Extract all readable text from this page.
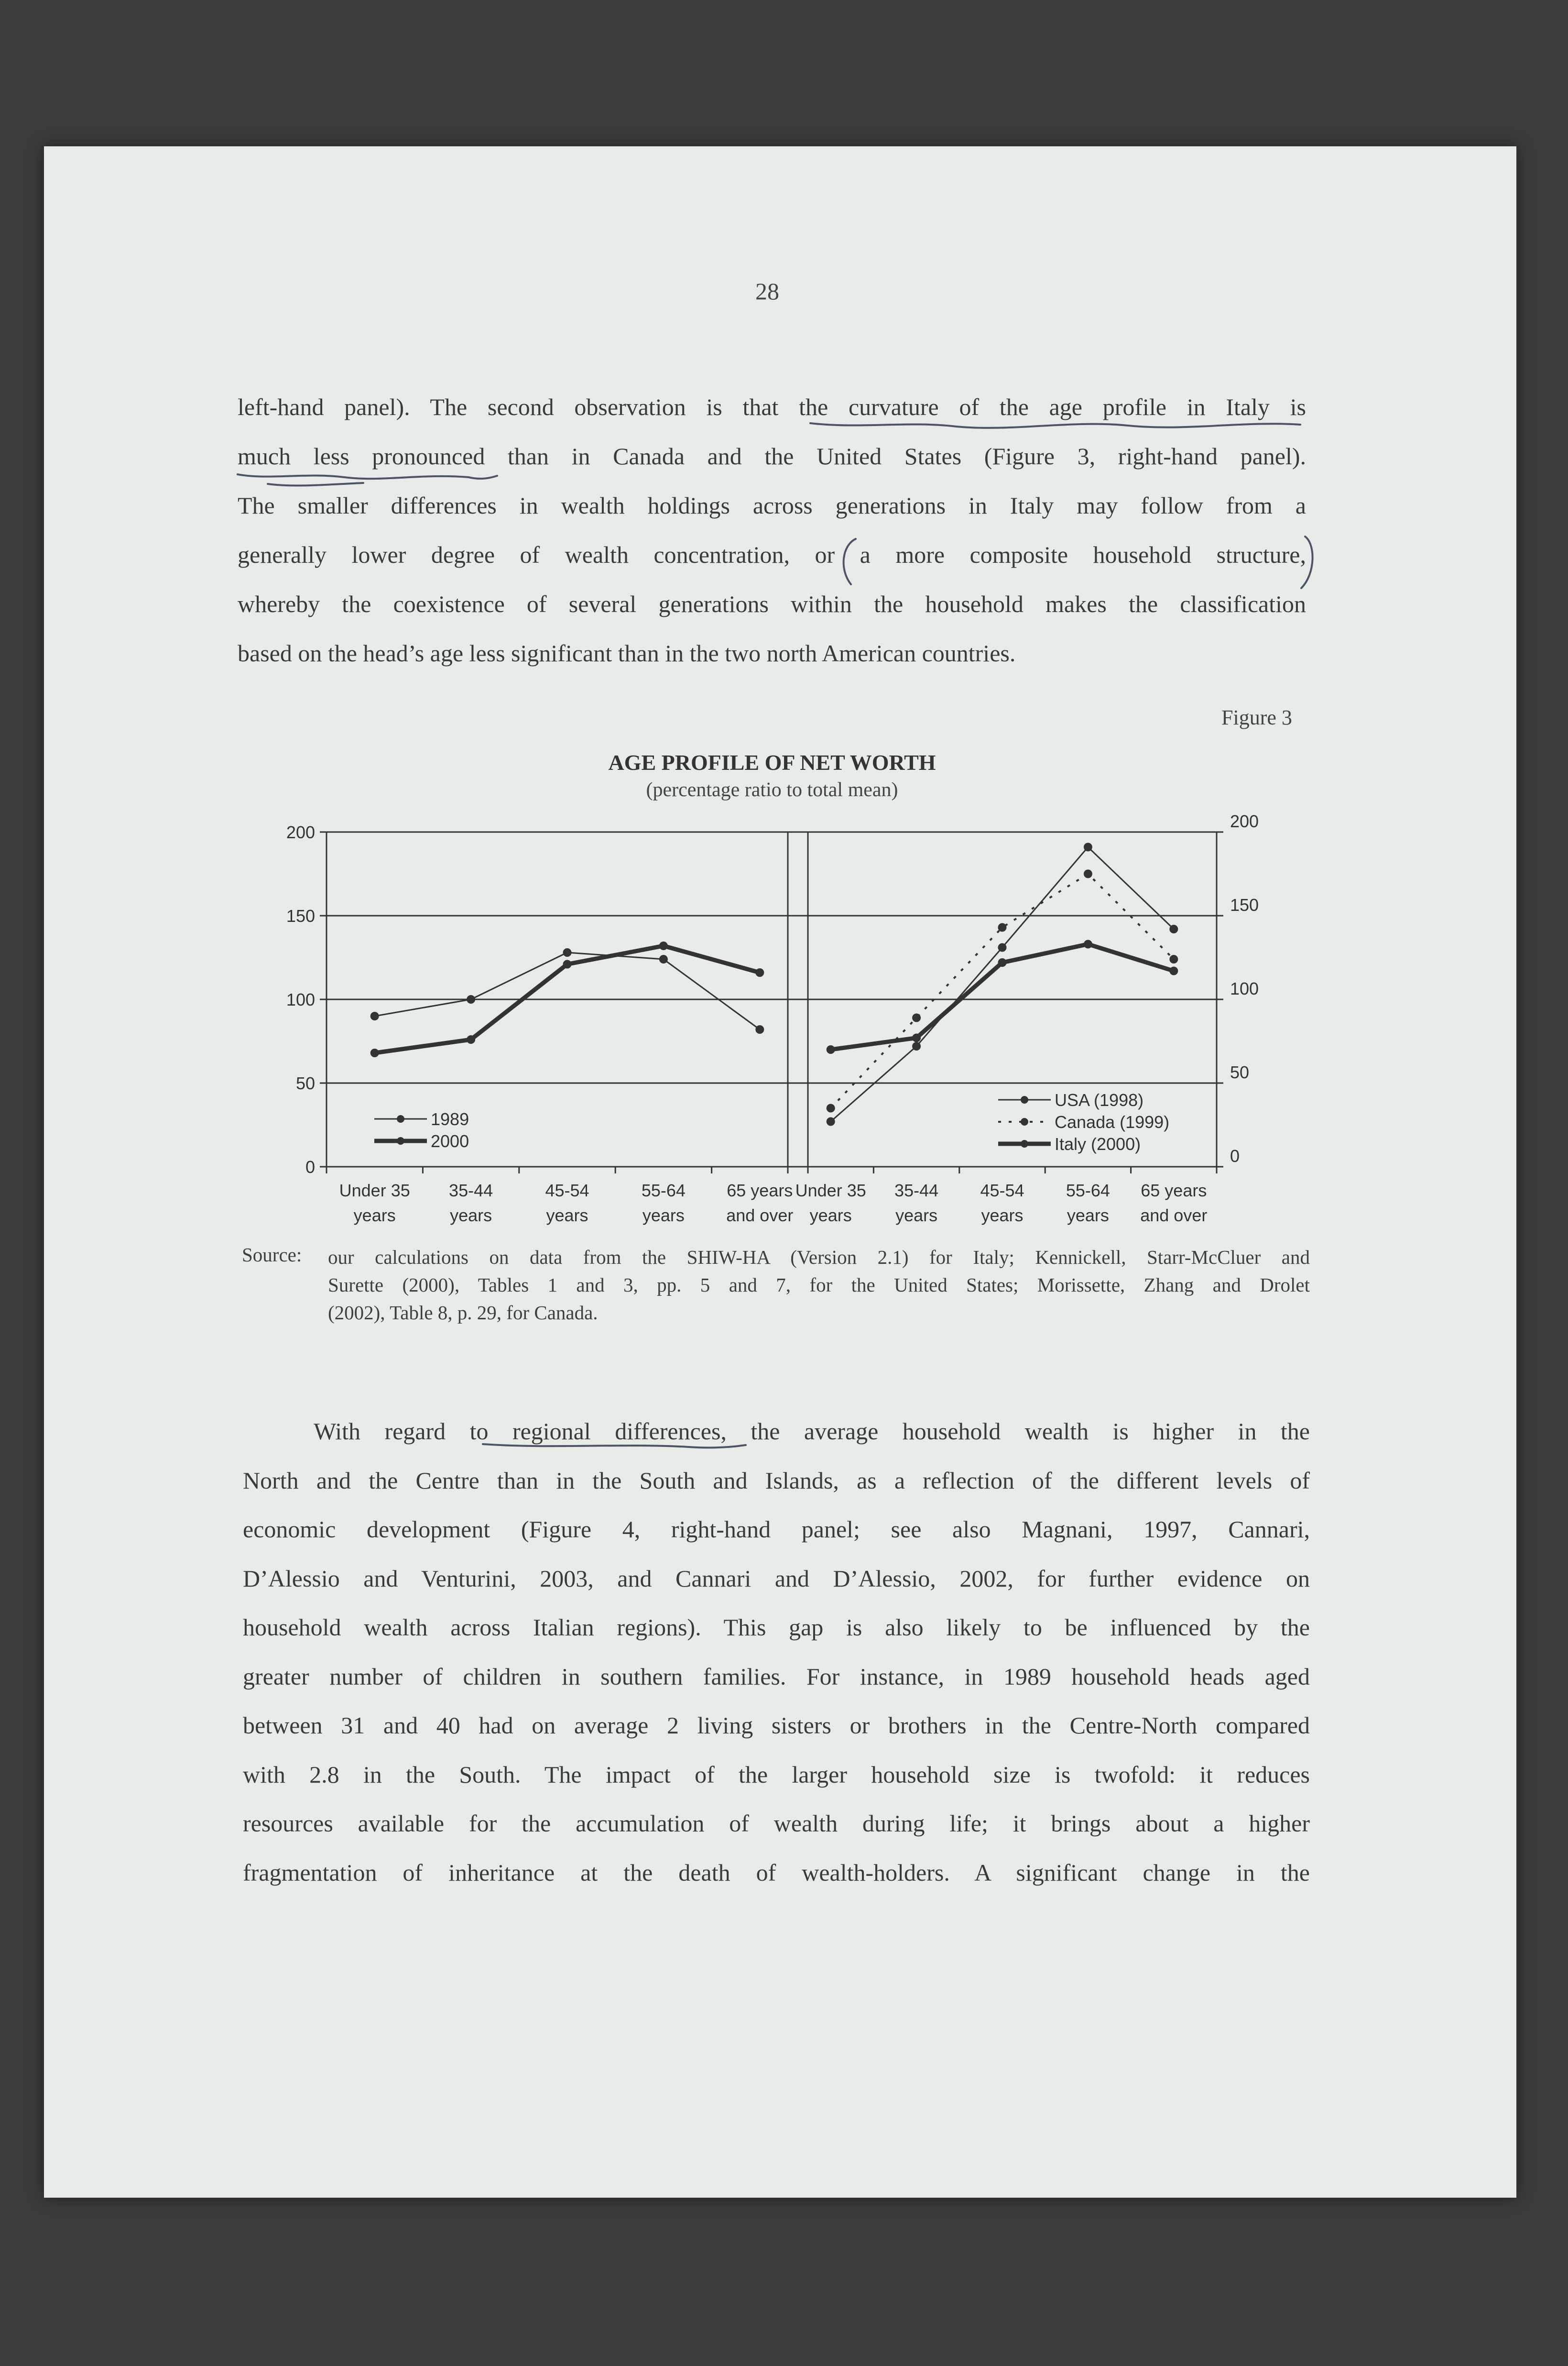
28
left-hand panel). The second observation is that the curvature of the age profile in Italy is
much less pronounced than in Canada and the United States (Figure 3, right-hand panel).
The smaller differences in wealth holdings across generations in Italy may follow from a
generally lower degree of wealth concentration, or a more composite household structure,
whereby the coexistence of several generations within the household makes the classification
based on the head’s age less significant than in the two north American countries.
Figure 3
AGE PROFILE OF NET WORTH
(percentage ratio to total mean)
Under 35 years
35-44 years
45-54 years
55-64 years
65 years and over
1989
2000
Under 35 years
35-44 years
45-54 years
55-64 years
65 years and over
USA (1998)
Canada (1999)
Italy (2000)
0
0
50
50
100
100
150
150
200
200
Source: our calculations on data from the SHIW-HA (Version 2.1) for Italy; Kennickell, Starr-McCluer and
Surette (2000), Tables 1 and 3, pp. 5 and 7, for the United States; Morissette, Zhang and Drolet
(2002), Table 8, p. 29, for Canada.
With regard to regional differences, the average household wealth is higher in the
North and the Centre than in the South and Islands, as a reflection of the different levels of
economic development (Figure 4, right-hand panel; see also Magnani, 1997, Cannari,
D’Alessio and Venturini, 2003, and Cannari and D’Alessio, 2002, for further evidence on
household wealth across Italian regions). This gap is also likely to be influenced by the
greater number of children in southern families. For instance, in 1989 household heads aged
between 31 and 40 had on average 2 living sisters or brothers in the Centre-North compared
with 2.8 in the South. The impact of the larger household size is twofold: it reduces
resources available for the accumulation of wealth during life; it brings about a higher
fragmentation of inheritance at the death of wealth-holders. A significant change in the
